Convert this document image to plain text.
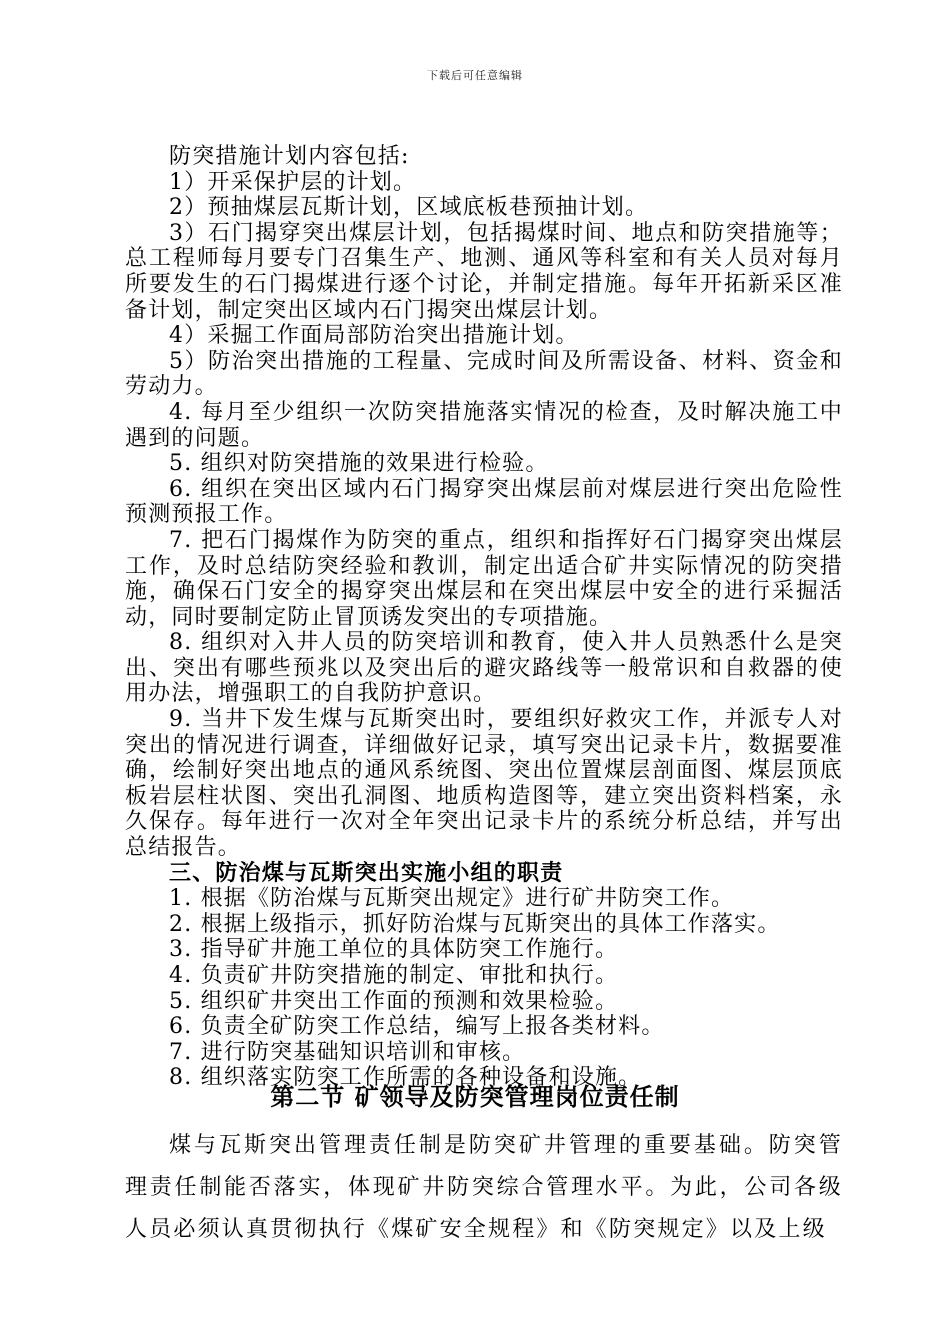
下载后可任意编辑

防突措施计划内容包括:

1）开采保护层的计划。

2）预抽煤层瓦斯计划，区域底板巷预抽计划。

3）石门揭穿突出煤层计划，包括揭煤时间、地点和防突措施等；总工程师每月要专门召集生产、地测、通风等科室和有关人员对每月所要发生的石门揭煤进行逐个讨论，并制定措施。每年开拓新采区准备计划，制定突出区域内石门揭突出煤层计划。

4）采掘工作面局部防治突出措施计划。

5）防治突出措施的工程量、完成时间及所需设备、材料、资金和劳动力。

4. 每月至少组织一次防突措施落实情况的检查，及时解决施工中遇到的问题。

5. 组织对防突措施的效果进行检验。

6. 组织在突出区域内石门揭穿突出煤层前对煤层进行突出危险性预测预报工作。

7. 把石门揭煤作为防突的重点，组织和指挥好石门揭穿突出煤层工作，及时总结防突经验和教训，制定出适合矿井实际情况的防突措施，确保石门安全的揭穿突出煤层和在突出煤层中安全的进行采掘活动，同时要制定防止冒顶诱发突出的专项措施。

8. 组织对入井人员的防突培训和教育，使入井人员熟悉什么是突出、突出有哪些预兆以及突出后的避灾路线等一般常识和自救器的使用办法，增强职工的自我防护意识。

9. 当井下发生煤与瓦斯突出时，要组织好救灾工作，并派专人对突出的情况进行调查，详细做好记录，填写突出记录卡片，数据要准确，绘制好突出地点的通风系统图、突出位置煤层剖面图、煤层顶底板岩层柱状图、突出孔洞图、地质构造图等，建立突出资料档案，永久保存。每年进行一次对全年突出记录卡片的系统分析总结，并写出总结报告。

三、防治煤与瓦斯突出实施小组的职责

1. 根据《防治煤与瓦斯突出规定》进行矿井防突工作。

2. 根据上级指示，抓好防治煤与瓦斯突出的具体工作落实。

3. 指导矿井施工单位的具体防突工作施行。

4. 负责矿井防突措施的制定、审批和执行。

5. 组织矿井突出工作面的预测和效果检验。

6. 负责全矿防突工作总结，编写上报各类材料。

7. 进行防突基础知识培训和审核。

8. 组织落实防突工作所需的各种设备和设施。

第二节 矿领导及防突管理岗位责任制

煤与瓦斯突出管理责任制是防突矿井管理的重要基础。防突管理责任制能否落实，体现矿井防突综合管理水平。为此，公司各级人员必须认真贯彻执行《煤矿安全规程》和《防突规定》以及上级
